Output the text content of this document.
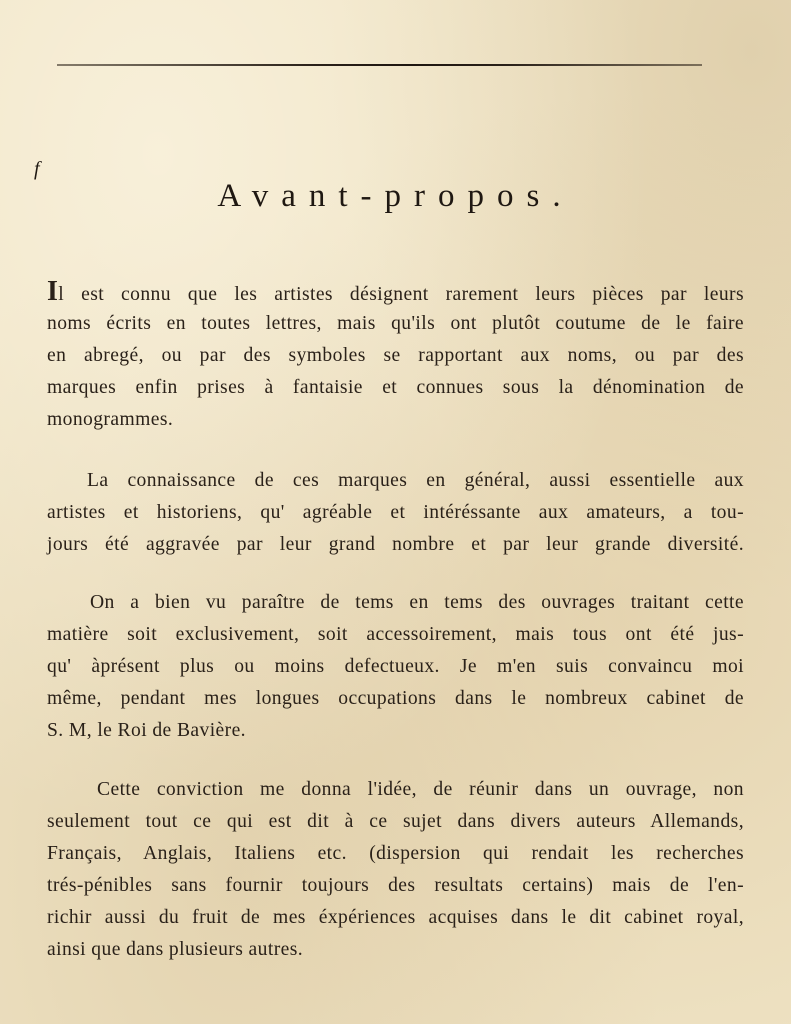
f
Avant-propos.
Il est connu que les artistes désignent rarement leurs pièces par leurs
noms écrits en toutes lettres, mais qu'ils ont plutôt coutume de le faire
en abregé, ou par des symboles se rapportant aux noms, ou par des
marques enfin prises à fantaisie et connues sous la dénomination de
monogrammes.
La connaissance de ces marques en général, aussi essentielle aux
artistes et historiens, qu' agréable et intéréssante aux amateurs, a tou-
jours été aggravée par leur grand nombre et par leur grande diversité.
On a bien vu paraître de tems en tems des ouvrages traitant cette
matière soit exclusivement, soit accessoirement, mais tous ont été jus-
qu' àprésent plus ou moins defectueux. Je m'en suis convaincu moi
même, pendant mes longues occupations dans le nombreux cabinet de
S. M, le Roi de Bavière.
Cette conviction me donna l'idée, de réunir dans un ouvrage, non
seulement tout ce qui est dit à ce sujet dans divers auteurs Allemands,
Français, Anglais, Italiens etc. (dispersion qui rendait les recherches
trés-pénibles sans fournir toujours des resultats certains) mais de l'en-
richir aussi du fruit de mes éxpériences acquises dans le dit cabinet royal,
ainsi que dans plusieurs autres.
